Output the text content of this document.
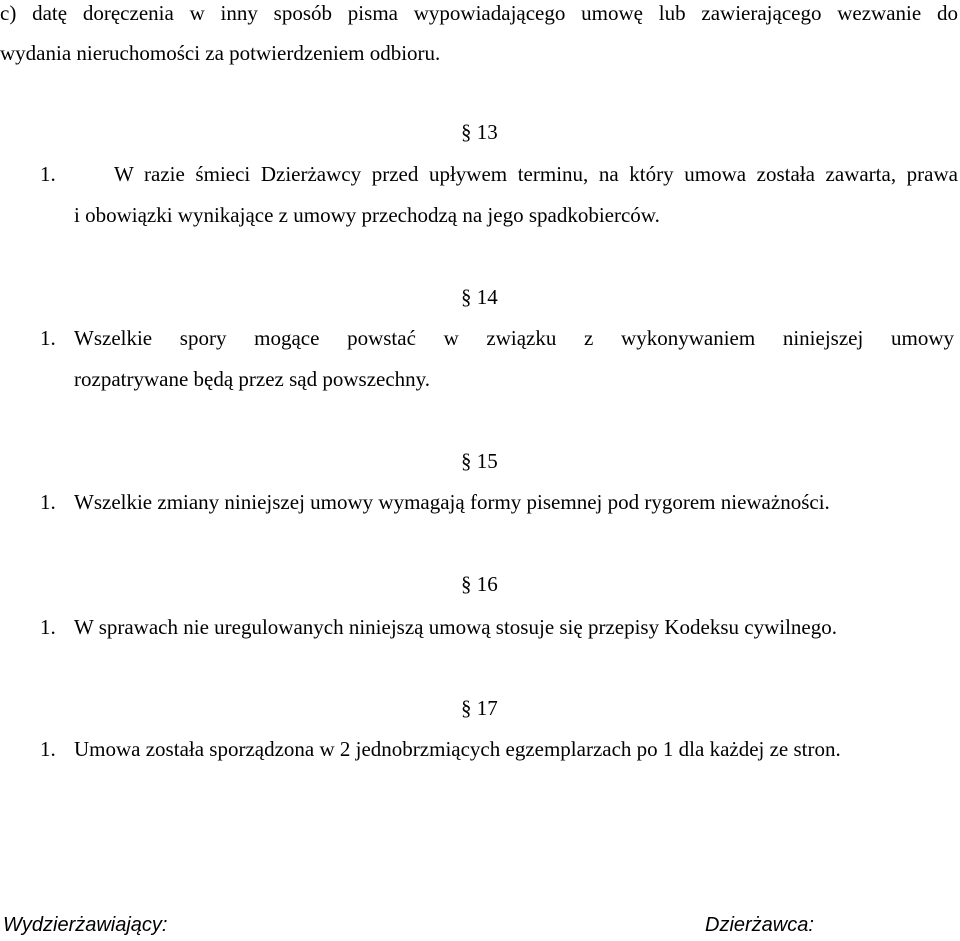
c) datę doręczenia w inny sposób pisma wypowiadającego umowę lub zawierającego wezwanie do
wydania nieruchomości za potwierdzeniem odbioru.
§ 13
1.	W razie śmieci Dzierżawcy przed upływem terminu, na który umowa została zawarta, prawa
i obowiązki wynikające z umowy przechodzą na jego spadkobierców.
§ 14
1. Wszelkie spory mogące powstać w związku z wykonywaniem niniejszej umowy
rozpatrywane będą przez sąd powszechny.
§ 15
1. Wszelkie zmiany niniejszej umowy wymagają formy pisemnej pod rygorem nieważności.
§ 16
1. W sprawach nie uregulowanych niniejszą umową stosuje się przepisy Kodeksu cywilnego.
§ 17
1. Umowa została sporządzona w 2 jednobrzmiących egzemplarzach po 1 dla każdej ze stron.
Wydzierżawiający:	Dzierżawca:
